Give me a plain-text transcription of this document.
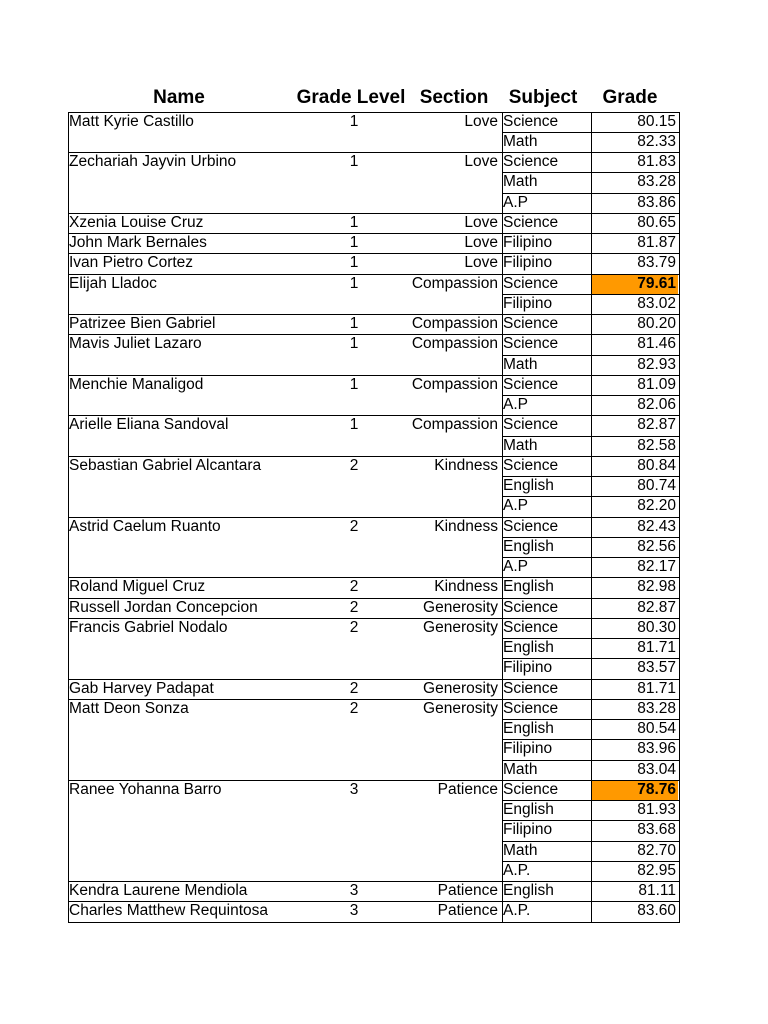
Name	Grade Level Section	Subject	Grade
Matt Kyrie Castillo	1	Love Science	80.15
Math	82.33
Zechariah Jayvin Urbino	1	Love Science	81.83
Math	83.28
A.P	83.86
Xzenia Louise Cruz	1	Love Science	80.65
John Mark Bernales	1	Love Filipino	81.87
Ivan Pietro Cortez	1	Love Filipino	83.79
Elijah Lladoc	1	Compassion Science	79.61
Filipino	83.02
Patrizee Bien Gabriel	1	Compassion Science	80.20
Mavis Juliet Lazaro	1	Compassion Science	81.46
Math	82.93
Menchie Manaligod	1	Compassion Science	81.09
A.P	82.06
Arielle Eliana Sandoval	1	Compassion Science	82.87
Math	82.58
Sebastian Gabriel Alcantara	2	Kindness Science	80.84
English	80.74
A.P	82.20
Astrid Caelum Ruanto	2	Kindness Science	82.43
English	82.56
A.P	82.17
Roland Miguel Cruz	2	Kindness English	82.98
Russell Jordan Concepcion	2	Generosity Science	82.87
Francis Gabriel Nodalo	2	Generosity Science	80.30
English	81.71
Filipino	83.57
Gab Harvey Padapat	2	Generosity Science	81.71
Matt Deon Sonza	2	Generosity Science	83.28
English	80.54
Filipino	83.96
Math	83.04
Ranee Yohanna Barro	3	Patience Science	78.76
English	81.93
Filipino	83.68
Math	82.70
A.P.	82.95
Kendra Laurene Mendiola	3	Patience English	81.11
Charles Matthew Requintosa	3	Patience A.P.	83.60
